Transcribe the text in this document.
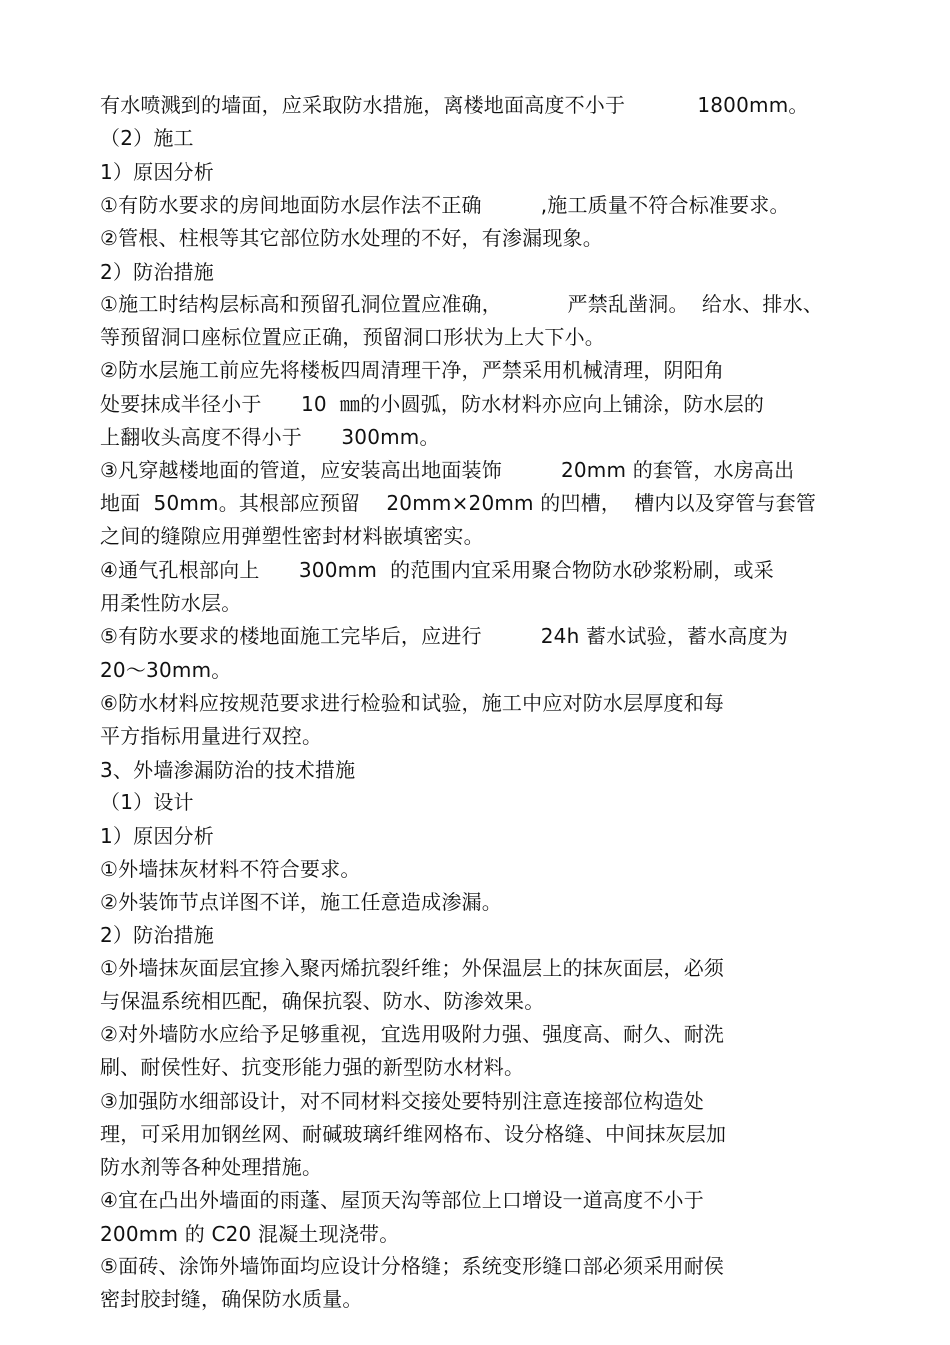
有水喷溅到的墙面，应采取防水措施，离楼地面高度不小于           1800mm。
（2）施工
1）原因分析
①有防水要求的房间地面防水层作法不正确         ,施工质量不符合标准要求。
②管根、柱根等其它部位防水处理的不好，有渗漏现象。
2）防治措施
①施工时结构层标高和预留孔洞位置应准确，          严禁乱凿洞。  给水、排水、
等预留洞口座标位置应正确，预留洞口形状为上大下小。
②防水层施工前应先将楼板四周清理干净，严禁采用机械清理，阴阳角
处要抹成半径小于      10  ㎜的小圆弧，防水材料亦应向上铺涂，防水层的
上翻收头高度不得小于      300mm。
③凡穿越楼地面的管道，应安装高出地面装饰         20mm 的套管，水房高出
地面  50mm。其根部应预留    20mm×20mm 的凹槽，  槽内以及穿管与套管
之间的缝隙应用弹塑性密封材料嵌填密实。
④通气孔根部向上      300mm  的范围内宜采用聚合物防水砂浆粉刷，或采
用柔性防水层。
⑤有防水要求的楼地面施工完毕后，应进行         24h 蓄水试验，蓄水高度为
20～30mm。
⑥防水材料应按规范要求进行检验和试验，施工中应对防水层厚度和每
平方指标用量进行双控。
3、外墙渗漏防治的技术措施
（1）设计
1）原因分析
①外墙抹灰材料不符合要求。
②外装饰节点详图不详，施工任意造成渗漏。
2）防治措施
①外墙抹灰面层宜掺入聚丙烯抗裂纤维；外保温层上的抹灰面层，必须
与保温系统相匹配，确保抗裂、防水、防渗效果。
②对外墙防水应给予足够重视，宜选用吸附力强、强度高、耐久、耐洗
刷、耐侯性好、抗变形能力强的新型防水材料。
③加强防水细部设计，对不同材料交接处要特别注意连接部位构造处
理，可采用加钢丝网、耐碱玻璃纤维网格布、设分格缝、中间抹灰层加
防水剂等各种处理措施。
④宜在凸出外墙面的雨蓬、屋顶天沟等部位上口增设一道高度不小于
200mm 的 C20 混凝土现浇带。
⑤面砖、涂饰外墙饰面均应设计分格缝；系统变形缝口部必须采用耐侯
密封胶封缝，确保防水质量。
